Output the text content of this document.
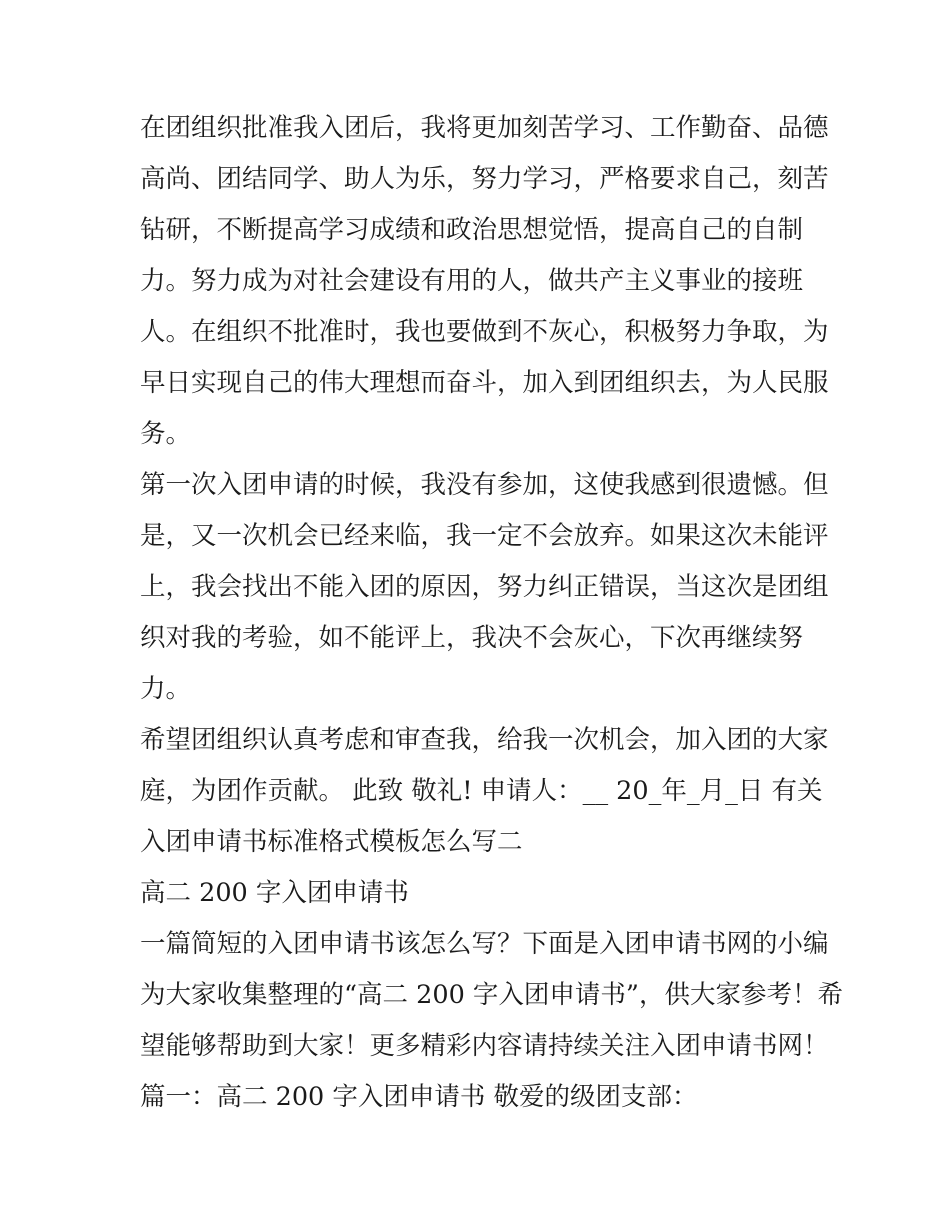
在团组织批准我入团后，我将更加刻苦学习、工作勤奋、品德
高尚、团结同学、助人为乐，努力学习，严格要求自己，刻苦
钻研，不断提高学习成绩和政治思想觉悟，提高自己的自制
力。努力成为对社会建设有用的人，做共产主义事业的接班
人。在组织不批准时，我也要做到不灰心，积极努力争取，为
早日实现自己的伟大理想而奋斗，加入到团组织去，为人民服
务。
第一次入团申请的时候，我没有参加，这使我感到很遗憾。但
是，又一次机会已经来临，我一定不会放弃。如果这次未能评
上，我会找出不能入团的原因，努力纠正错误，当这次是团组
织对我的考验，如不能评上，我决不会灰心，下次再继续努
力。
希望团组织认真考虑和审查我，给我一次机会，加入团的大家
庭，为团作贡献。 此致 敬礼! 申请人：__ 20_年_月_日 有关
入团申请书标准格式模板怎么写二
高二 200 字入团申请书
一篇简短的入团申请书该怎么写？下面是入团申请书网的小编
为大家收集整理的“高二 200 字入团申请书”，供大家参考！希
望能够帮助到大家！更多精彩内容请持续关注入团申请书网！
篇一：高二 200 字入团申请书 敬爱的级团支部：
